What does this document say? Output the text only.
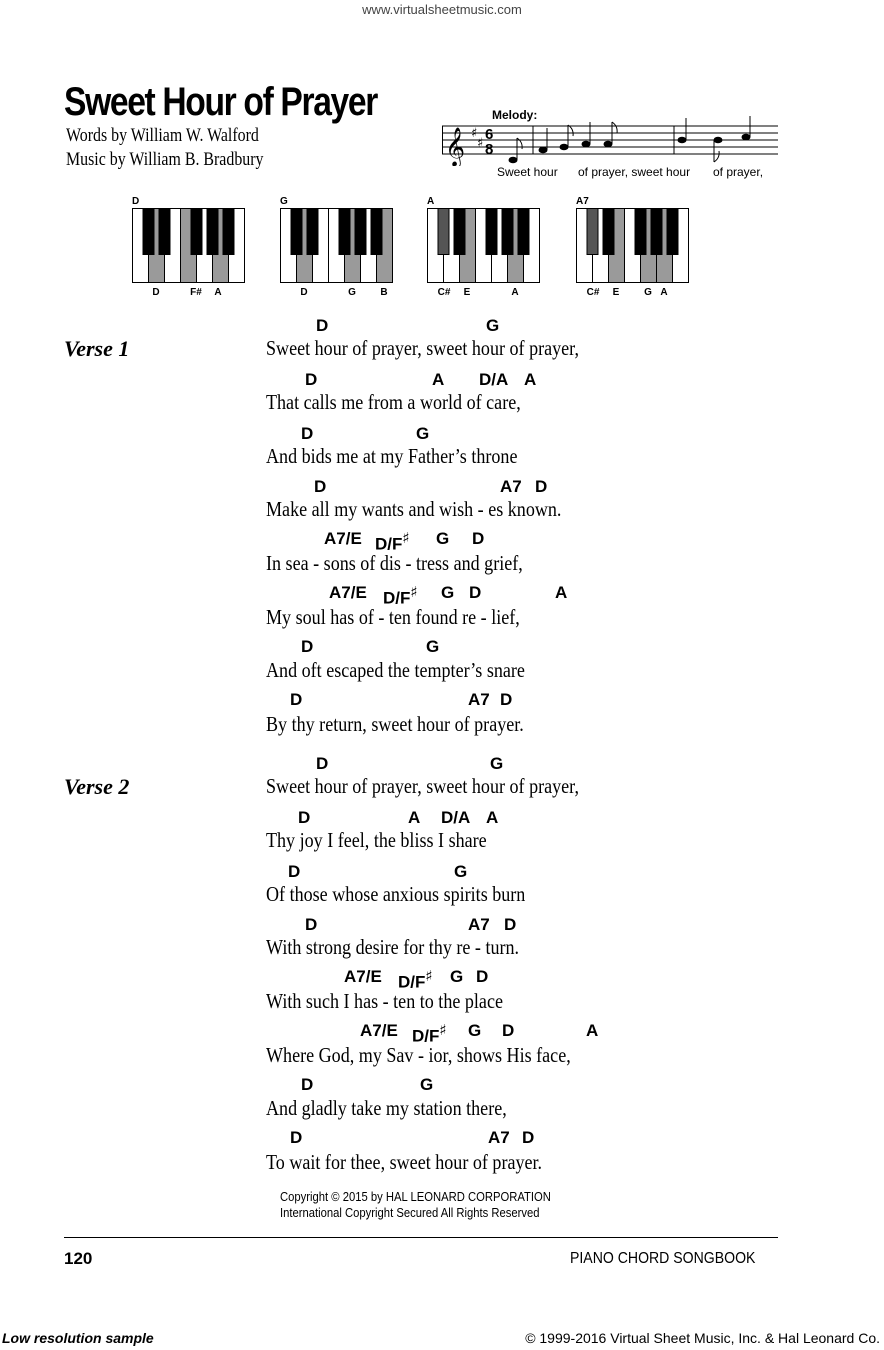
www.virtualsheetmusic.com
Sweet Hour of Prayer
Words by William W. Walford
Music by William B. Bradbury
Melody:
𝄞 ♯
♯
6
8
Sweet hour of prayer, sweet hour of prayer,
D
D	F# A
G
D	G B
A
C# E	A
A7
C# E G A
Verse 1
D	G
Sweet hour of prayer, sweet hour of prayer,
D	A D/A A
That calls me from a world of care,
D	G
And bids me at my Father’s throne
D	A7 D
Make all my wants and wish - es known.
A7/E D/F♯ G D
In sea - sons of dis - tress and grief,
A7/E D/F♯ G D	A
My soul has of - ten found re - lief,
D	G
And oft escaped the tempter’s snare
D	A7 D
By thy return, sweet hour of prayer.
Verse 2
D	G
Sweet hour of prayer, sweet hour of prayer,
D	A D/A A
Thy joy I feel, the bliss I share
D	G
Of those whose anxious spirits burn
D	A7 D
With strong desire for thy re - turn.
A7/E D/F♯ G D
With such I has - ten to the place
A7/E D/F♯ G D	A
Where God, my Sav - ior, shows His face,
D	G
And gladly take my station there,
D	A7 D
To wait for thee, sweet hour of prayer.
Copyright © 2015 by HAL LEONARD CORPORATION
International Copyright Secured All Rights Reserved
120	PIANO CHORD SONGBOOK
Low resolution sample	© 1999-2016 Virtual Sheet Music, Inc. & Hal Leonard Co.
